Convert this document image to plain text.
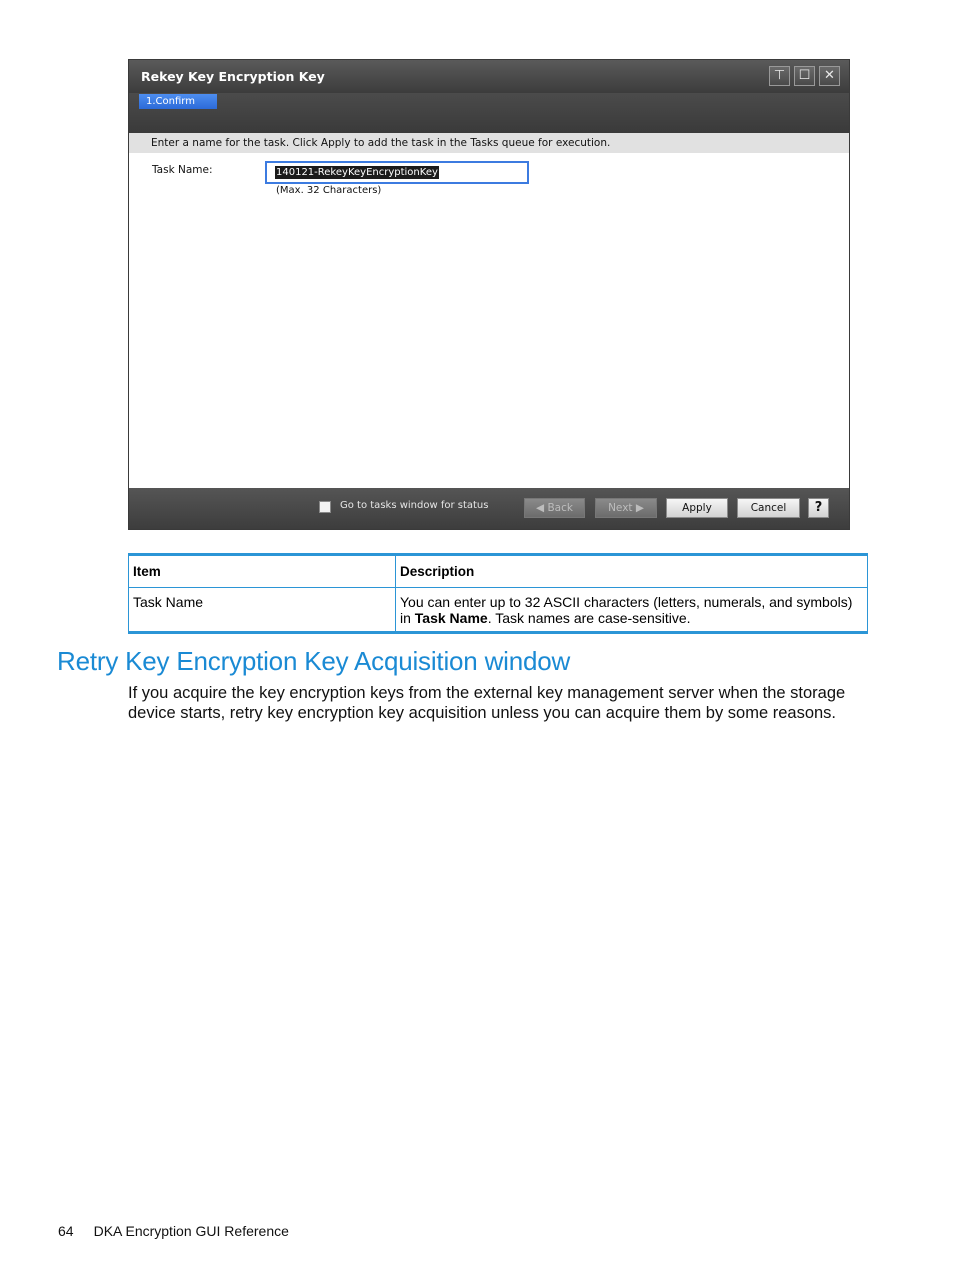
Rekey Key Encryption Key	⊤	☐	✕
1.Confirm
Enter a name for the task. Click Apply to add the task in the Tasks queue for execution.
Task Name:	140121-RekeyKeyEncryptionKey
(Max. 32 Characters)
Go to tasks window for status	◀ Back	Next ▶	Apply	Cancel	?
Item	Description
Task Name	You can enter up to 32 ASCII characters (letters, numerals, and symbols) in Task Name. Task names are case-sensitive.
Retry Key Encryption Key Acquisition window

If you acquire the key encryption keys from the external key management server when the storage device starts, retry key encryption key acquisition unless you can acquire them by some reasons.

64 DKA Encryption GUI Reference
